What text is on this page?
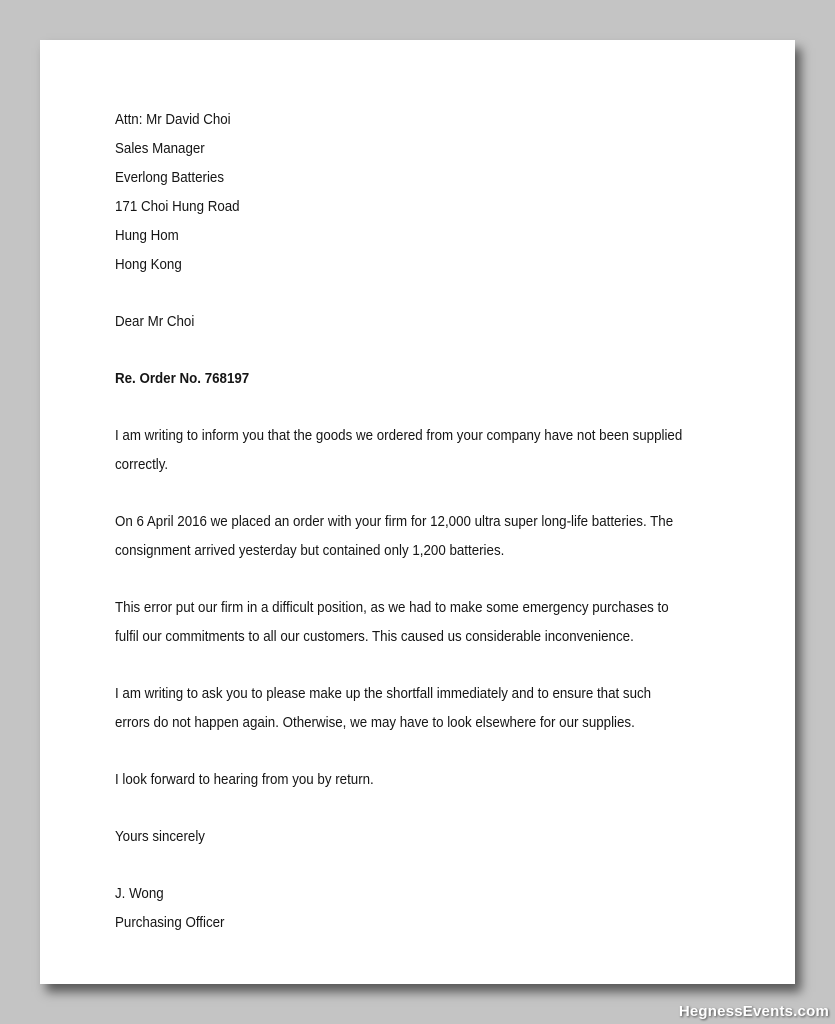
Attn: Mr David Choi
Sales Manager
Everlong Batteries
171 Choi Hung Road
Hung Hom
Hong Kong
Dear Mr Choi
Re. Order No. 768197
I am writing to inform you that the goods we ordered from your company have not been supplied
correctly.
On 6 April 2016 we placed an order with your firm for 12,000 ultra super long-life batteries. The
consignment arrived yesterday but contained only 1,200 batteries.
This error put our firm in a difficult position, as we had to make some emergency purchases to
fulfil our commitments to all our customers. This caused us considerable inconvenience.
I am writing to ask you to please make up the shortfall immediately and to ensure that such
errors do not happen again. Otherwise, we may have to look elsewhere for our supplies.
I look forward to hearing from you by return.
Yours sincerely
J. Wong
Purchasing Officer
HegnessEvents.com
